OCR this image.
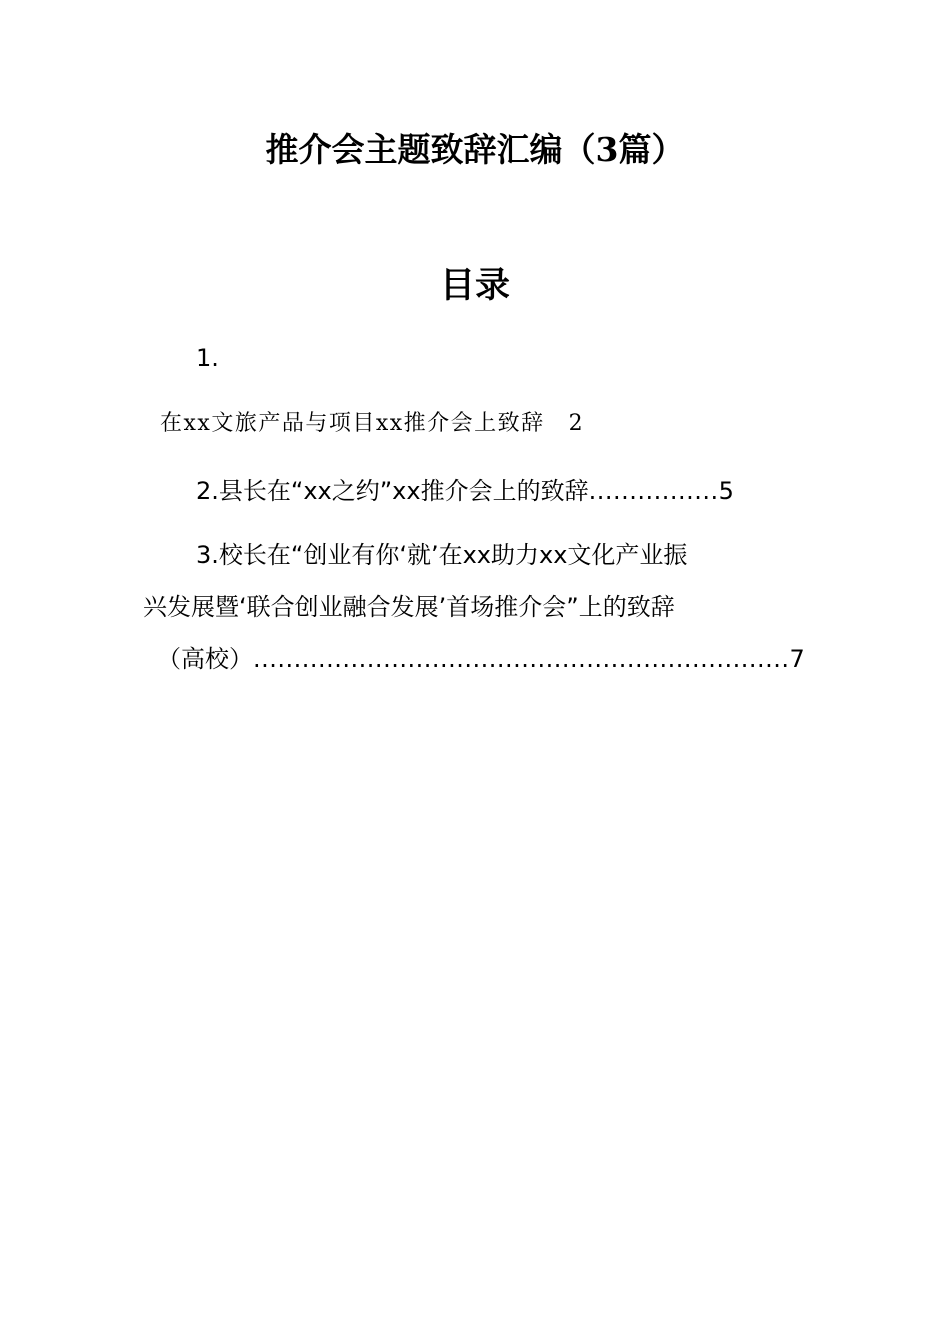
推介会主题致辞汇编（3篇）
目录
1.
在xx文旅产品与项目xx推介会上致辞 2
2.县长在“xx之约”xx推介会上的致辞................5
3.校长在“创业有你‘就’在xx助力xx文化产业振
兴发展暨‘联合创业融合发展’首场推介会”上的致辞
（高校）..................................................................7
